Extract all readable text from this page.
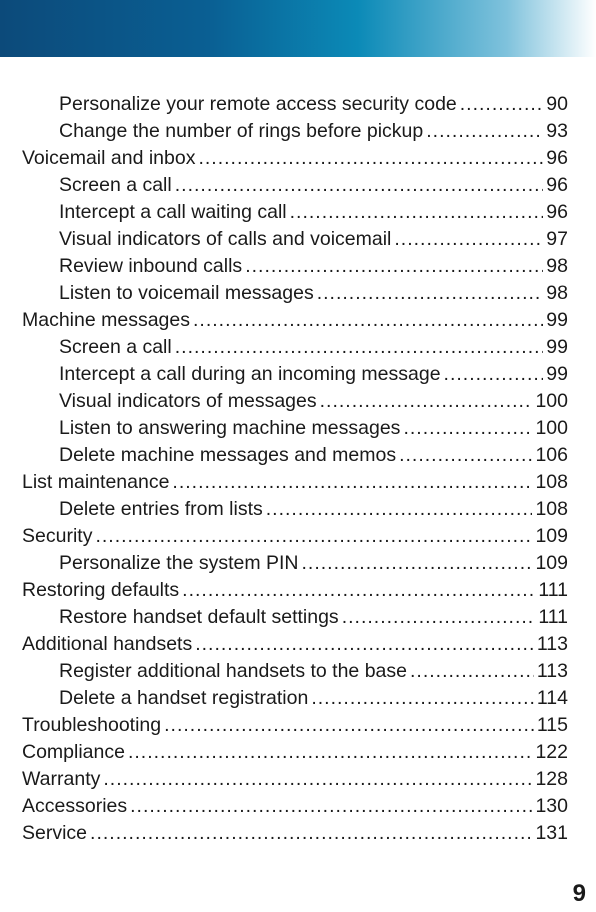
Personalize your remote access security code .....	90
Change the number of rings before pickup .....	93
Voicemail and inbox .....	96
Screen a call .....	96
Intercept a call waiting call .....	96
Visual indicators of calls and voicemail .....	97
Review inbound calls .....	98
Listen to voicemail messages .....	98
Machine messages .....	99
Screen a call .....	99
Intercept a call during an incoming message .....	99
Visual indicators of messages .....	100
Listen to answering machine messages .....	100
Delete machine messages and memos .....	106
List maintenance .....	108
Delete entries from lists .....	108
Security .....	109
Personalize the system PIN .....	109
Restoring defaults .....	111
Restore handset default settings .....	111
Additional handsets .....	113
Register additional handsets to the base .....	113
Delete a handset registration .....	114
Troubleshooting .....	115
Compliance .....	122
Warranty .....	128
Accessories .....	130
Service .....	131
9
